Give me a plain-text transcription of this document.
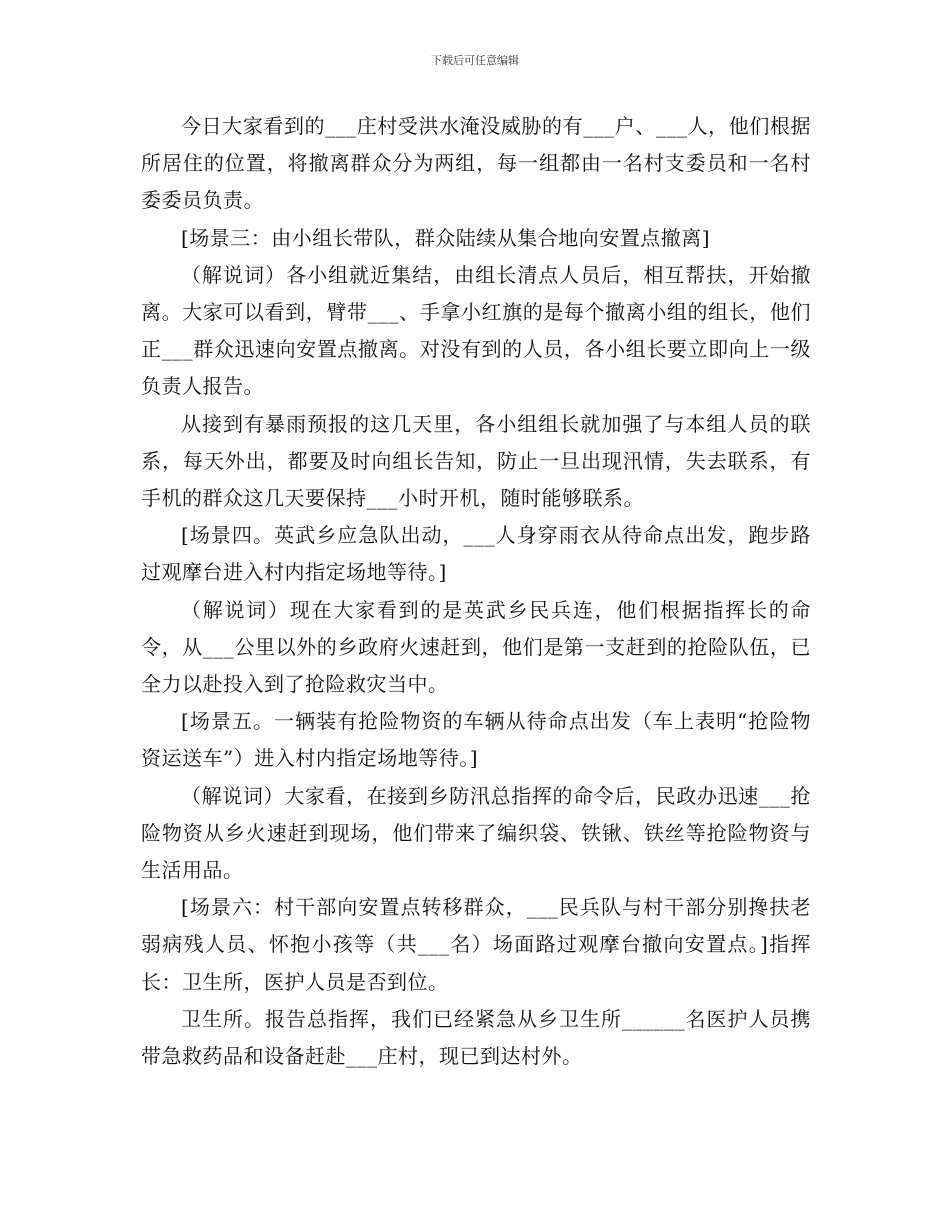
下载后可任意编辑

今日大家看到的___庄村受洪水淹没威胁的有___户、___人，他们根据所居住的位置，将撤离群众分为两组，每一组都由一名村支委员和一名村委委员负责。

[场景三：由小组长带队，群众陆续从集合地向安置点撤离]

（解说词）各小组就近集结，由组长清点人员后，相互帮扶，开始撤离。大家可以看到，臂带___、手拿小红旗的是每个撤离小组的组长，他们正___群众迅速向安置点撤离。对没有到的人员，各小组长要立即向上一级负责人报告。

从接到有暴雨预报的这几天里，各小组组长就加强了与本组人员的联系，每天外出，都要及时向组长告知，防止一旦出现汛情，失去联系，有手机的群众这几天要保持___小时开机，随时能够联系。

[场景四。英武乡应急队出动，___人身穿雨衣从待命点出发，跑步路过观摩台进入村内指定场地等待。]

（解说词）现在大家看到的是英武乡民兵连，他们根据指挥长的命令，从___公里以外的乡政府火速赶到，他们是第一支赶到的抢险队伍，已全力以赴投入到了抢险救灾当中。

[场景五。一辆装有抢险物资的车辆从待命点出发（车上表明“抢险物资运送车”）进入村内指定场地等待。]

（解说词）大家看，在接到乡防汛总指挥的命令后，民政办迅速___抢险物资从乡火速赶到现场，他们带来了编织袋、铁锹、铁丝等抢险物资与生活用品。

[场景六：村干部向安置点转移群众，___民兵队与村干部分别搀扶老弱病残人员、怀抱小孩等（共___名）场面路过观摩台撤向安置点。]指挥长：卫生所，医护人员是否到位。

卫生所。报告总指挥，我们已经紧急从乡卫生所______名医护人员携带急救药品和设备赶赴___庄村，现已到达村外。
